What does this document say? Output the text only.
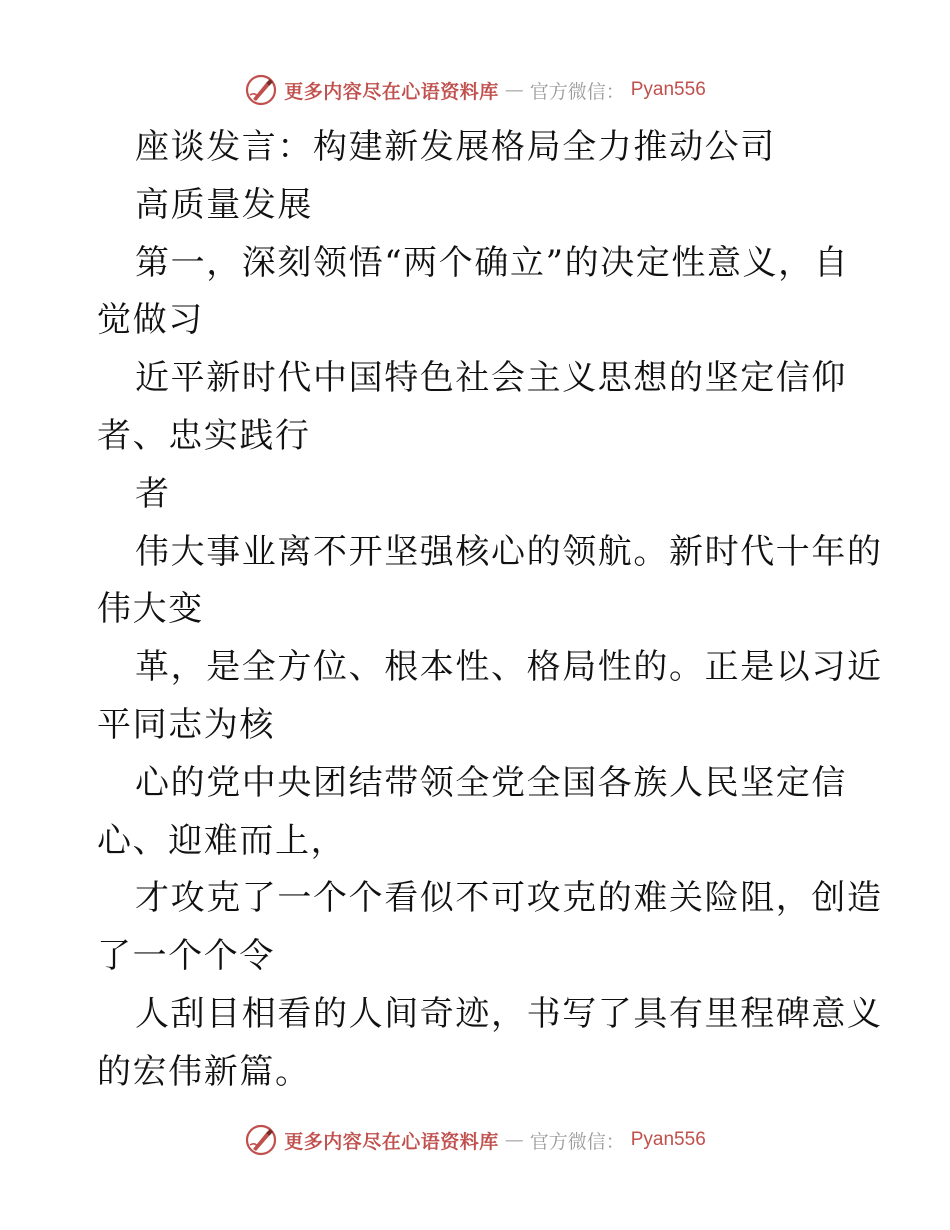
更多内容尽在心语资料库 — 官方微信： Pyan556

座谈发言：构建新发展格局全力推动公司

高质量发展

第一，深刻领悟“两个确立”的决定性意义，自

觉做习

近平新时代中国特色社会主义思想的坚定信仰

者、忠实践行

者

伟大事业离不开坚强核心的领航。新时代十年的

伟大变

革，是全方位、根本性、格局性的。正是以习近

平同志为核

心的党中央团结带领全党全国各族人民坚定信

心、迎难而上，

才攻克了一个个看似不可攻克的难关险阻，创造

了一个个令

人刮目相看的人间奇迹，书写了具有里程碑意义

的宏伟新篇。

更多内容尽在心语资料库 — 官方微信： Pyan556
